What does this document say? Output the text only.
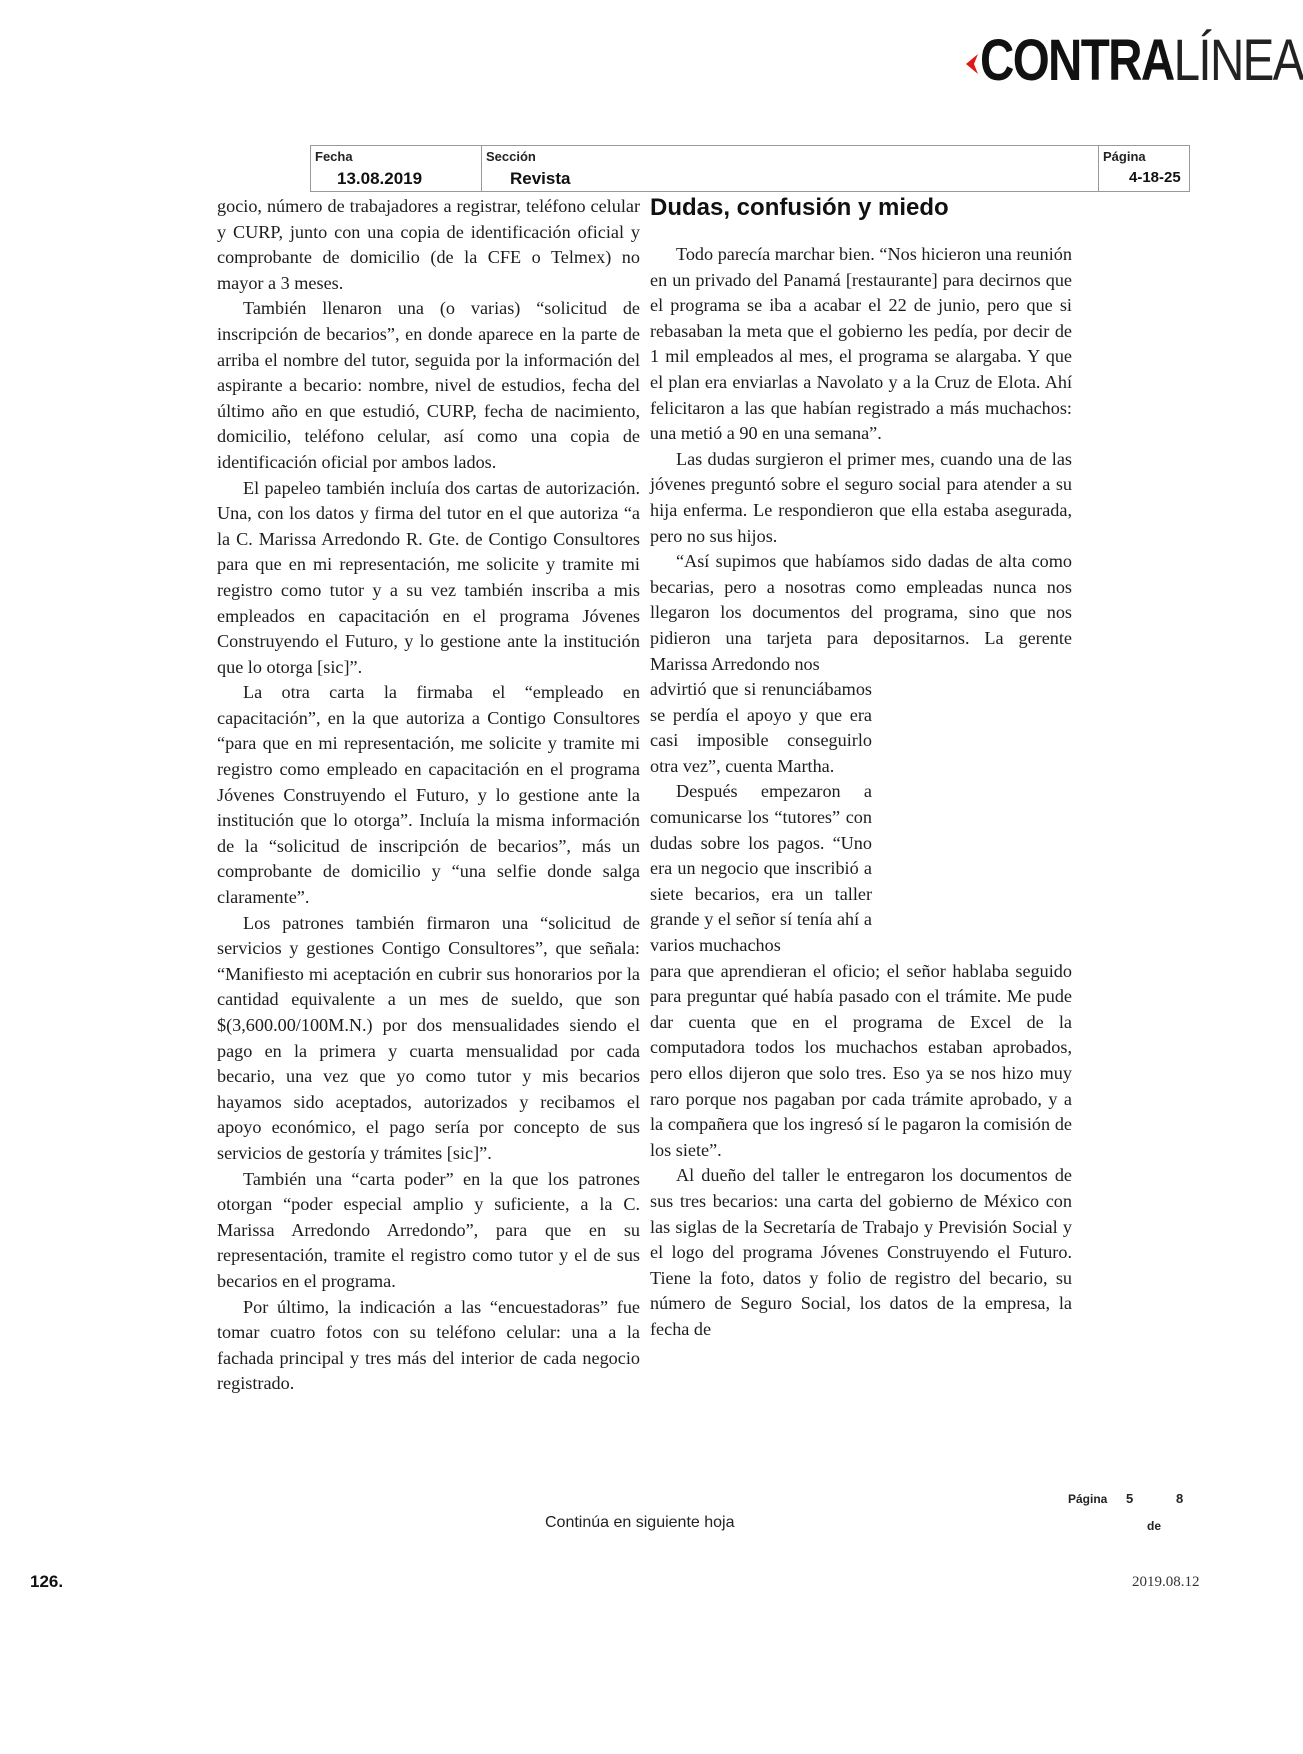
CONTRALÍNEA
Fecha
13.08.2019
Sección
Revista
Página
4-18-25

gocio, número de trabajadores a registrar, teléfono celular y CURP, junto con una copia de identificación oficial y comprobante de domicilio (de la CFE o Telmex) no mayor a 3 meses.

También llenaron una (o varias) “solicitud de inscripción de becarios”, en donde aparece en la parte de arriba el nombre del tutor, seguida por la información del aspirante a becario: nombre, nivel de estudios, fecha del último año en que estudió, CURP, fecha de nacimiento, domicilio, teléfono celular, así como una copia de identificación oficial por ambos lados.

El papeleo también incluía dos cartas de autorización. Una, con los datos y firma del tutor en el que autoriza “a la C. Marissa Arredondo R. Gte. de Contigo Consultores para que en mi representación, me solicite y tramite mi registro como tutor y a su vez también inscriba a mis empleados en capacitación en el programa Jóvenes Construyendo el Futuro, y lo gestione ante la institución que lo otorga [sic]”.

La otra carta la firmaba el “empleado en capacitación”, en la que autoriza a Contigo Consultores “para que en mi representación, me solicite y tramite mi registro como empleado en capacitación en el programa Jóvenes Construyendo el Futuro, y lo gestione ante la institución que lo otorga”. Incluía la misma información de la “solicitud de inscripción de becarios”, más un comprobante de domicilio y “una selfie donde salga claramente”.

Los patrones también firmaron una “solicitud de servicios y gestiones Contigo Consultores”, que señala: “Manifiesto mi aceptación en cubrir sus honorarios por la cantidad equivalente a un mes de sueldo, que son $(3,600.00/100M.N.) por dos mensualidades siendo el pago en la primera y cuarta mensualidad por cada becario, una vez que yo como tutor y mis becarios hayamos sido aceptados, autorizados y recibamos el apoyo económico, el pago sería por concepto de sus servicios de gestoría y trámites [sic]”.

También una “carta poder” en la que los patrones otorgan “poder especial amplio y suficiente, a la C. Marissa Arredondo Arredondo”, para que en su representación, tramite el registro como tutor y el de sus becarios en el programa.

Por último, la indicación a las “encuestadoras” fue tomar cuatro fotos con su teléfono celular: una a la fachada principal y tres más del interior de cada negocio registrado.

Dudas, confusión y miedo

Todo parecía marchar bien. “Nos hicieron una reunión en un privado del Panamá [restaurante] para decirnos que el programa se iba a acabar el 22 de junio, pero que si rebasaban la meta que el gobierno les pedía, por decir de 1 mil empleados al mes, el programa se alargaba. Y que el plan era enviarlas a Navolato y a la Cruz de Elota. Ahí felicitaron a las que habían registrado a más muchachos: una metió a 90 en una semana”.

Las dudas surgieron el primer mes, cuando una de las jóvenes preguntó sobre el seguro social para atender a su hija enferma. Le respondieron que ella estaba asegurada, pero no sus hijos.

“Así supimos que habíamos sido dadas de alta como becarias, pero a nosotras como empleadas nunca nos llegaron los documentos del programa, sino que nos pidieron una tarjeta para depositarnos. La gerente Marissa Arredondo nos

advirtió que si renunciábamos se perdía el apoyo y que era casi imposible conseguirlo otra vez”, cuenta Martha.

Después empezaron a comunicarse los “tutores” con dudas sobre los pagos. “Uno era un negocio que inscribió a siete becarios, era un taller grande y el señor sí tenía ahí a varios muchachos

para que aprendieran el oficio; el señor hablaba seguido para preguntar qué había pasado con el trámite. Me pude dar cuenta que en el programa de Excel de la computadora todos los muchachos estaban aprobados, pero ellos dijeron que solo tres. Eso ya se nos hizo muy raro porque nos pagaban por cada trámite aprobado, y a la compañera que los ingresó sí le pagaron la comisión de los siete”.

Al dueño del taller le entregaron los documentos de sus tres becarios: una carta del gobierno de México con las siglas de la Secretaría de Trabajo y Previsión Social y el logo del programa Jóvenes Construyendo el Futuro. Tiene la foto, datos y folio de registro del becario, su número de Seguro Social, los datos de la empresa, la fecha de

Página 5	8
de
Continúa en siguiente hoja
126.	2019.08.12
